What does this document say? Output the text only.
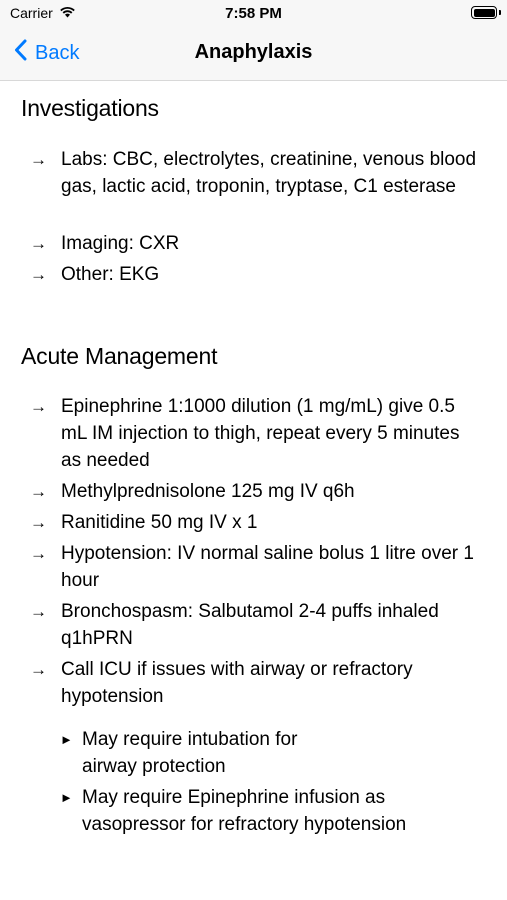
Carrier	7:58 PM
Back	Anaphylaxis
Investigations
→ Labs: CBC, electrolytes, creatinine, venous blood gas, lactic acid, troponin, tryptase, C1 esterase
→ Imaging: CXR
→ Other: EKG
Acute Management
→ Epinephrine 1:1000 dilution (1 mg/mL) give 0.5 mL IM injection to thigh, repeat every 5 minutes as needed
→ Methylprednisolone 125 mg IV q6h
→ Ranitidine 50 mg IV x 1
→ Hypotension: IV normal saline bolus 1 litre over 1 hour
→ Bronchospasm: Salbutamol 2-4 puffs inhaled q1hPRN
→ Call ICU if issues with airway or refractory hypotension
► May require intubation for airway protection
► May require Epinephrine infusion as vasopressor for refractory hypotension
